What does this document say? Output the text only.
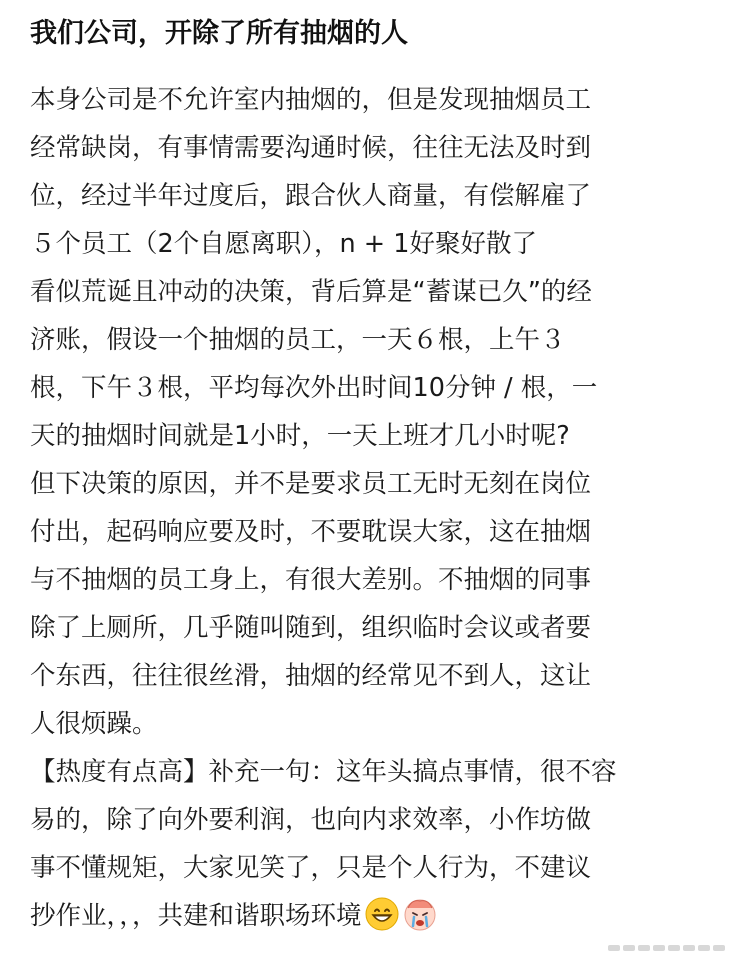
我们公司，开除了所有抽烟的人
本身公司是不允许室内抽烟的，但是发现抽烟员工
经常缺岗，有事情需要沟通时候，往往无法及时到
位，经过半年过度后，跟合伙人商量，有偿解雇了
５个员工（2个自愿离职），n + 1好聚好散了
看似荒诞且冲动的决策，背后算是“蓄谋已久”的经
济账，假设一个抽烟的员工，一天６根，上午３
根，下午３根，平均每次外出时间10分钟 / 根，一
天的抽烟时间就是1小时，一天上班才几小时呢?
但下决策的原因，并不是要求员工无时无刻在岗位
付出，起码响应要及时，不要耽误大家，这在抽烟
与不抽烟的员工身上，有很大差别。不抽烟的同事
除了上厕所，几乎随叫随到，组织临时会议或者要
个东西，往往很丝滑，抽烟的经常见不到人，这让
人很烦躁。
【热度有点高】补充一句：这年头搞点事情，很不容
易的，除了向外要利润，也向内求效率，小作坊做
事不懂规矩，大家见笑了，只是个人行为，不建议
抄作业，，，共建和谐职场环境
